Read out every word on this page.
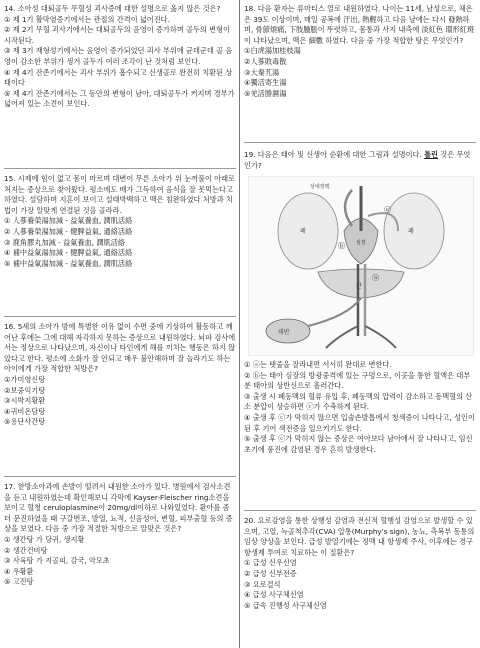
14. 소아성 대퇴골두 무혈성 괴사증에 대한 설명으로 옳지 않은 것은?

① 제 1기 활막염증기에서는 관절의 간격이 넓어진다.

② 제 2기 무혈 괴사기에서는 대퇴골두의 음영이 증가하며 골두의 변형이 시작된다.

③ 제 3기 재형성기에서는 음영이 증가되었던 괴사 부위에 균데군데 골 음영이 감소한 부위가 생겨 골두가 여러 조각이 난 것처럼 보인다.

④ 제 4기 잔존기에서는 괴사 부위가 흡수되고 신생골로 완전히 치환된 상태이다

⑤ 제 4기 잔존기에서는 그 동안의 변형이 남아, 대퇴골두가 커지며 경부가 넓어져 있는 소견이 보인다.

15. 시제에 힘이 없고 몸이 마르며 대변이 무른 소아가 위 눈꺼풀이 아래로 처지는 증상으로 찾아왔다. 평소에도 배가 그득하여 음식을 잘 못먹는다고 하였다. 설담하며 지흔이 보이고 설태박백하고 맥은 침완하였다 처방과 치법이 가장 알맞게 연결된 것을 골라라.

① 人蔘養榮湯加減 - 益氣養血, 潤肌活絡

② 人蔘養榮湯加減 - 健脾益氣, 通絡活絡

③ 鹿角膠丸加減 - 益氣養血, 潤肌活絡

④ 補中益氣湯加減 - 健脾益氣, 通絡活絡

⑤ 補中益氣湯加減 - 益氣養血, 潤肌活絡

16. 5세의 소아가 밤에 특별한 이유 없이 수면 중에 기상하여 활동하고 깨어난 후에는 그에 대해 자각하지 못하는 증상으로 내원하였다. 뇌파 검사에서는 정상으로 나타났으며, 자신이나 타인에게 해를 끼치는 행동은 하지 않았다고 한다. 평소에 소화가 잘 안되고 매우 불안해하며 잘 놀라기도 하는 아이에게 가장 적합한 처방은?

①가미영신탕

②보중익기탕

③시박지황환

④귀비온담탕

⑤용단사간탕

17. 한방소아과에 손발이 떨려서 내원한 소아가 있다. 병원에서 검사소견을 듣고 내원하였는데 확인해보니 각막에 Kayser-Fleischer ring소견을 보이고 혈청 ceruloplasmine이 20mg/dl이하로 나와있었다. 환아를 좀 더 문진하였을 때 구갈번조, 발열, 뇨적, 신음성어, 변혈, 피부출혈 등의 증상을 보였다. 다음 중 가장 적절한 처방으로 알맞은 것은?

① 생간탕 가 당귀, 생지황

② 생간건비탕

③ 사육탕 가 지골피, 감국, 악모초

④ 우황환

⑤ 고진탕

18. 다음 환자는 류마티스 열로 내원하였다. 나이는 11세, 남성으로, 체온은 39도 이상이며, 매일 공복에 汗出, 熱輕하고 다음 날에는 다시 發熱하며, 骨節煩痛, 下肢腫脹이 뚜렷하고, 몸통과 사지 내측에 淡紅色 環形紅斑이 나타났으며, 맥은 細數 하였다. 다음 중 가장 적합한 탕은 무엇인가?

①白虎湯加桂枝湯

②人蔘敗毒散

③大秦艽湯

④獨活寄生湯

⑤羌活勝濕湯

19. 다음은 태아 및 신생아 순환에 대한 그림과 설명이다. 틀린 것은 무엇인가?

상대정맥
폐	폐
심장
간
태반
ⓒ
ⓑ
ⓐ

① ⓐ는 탯줄을 잘라내면 서서히 완대로 변한다.

② ⓑ는 태아 심장의 방광중격에 있는 구멍으로, 이곳을 통한 혈액은 대부분 태아의 상반신으로 흘러간다.

③ 출생 시 폐동맥의 혈류 유입 후, 폐동맥의 압력이 감소하고 동맥혈의 산소 분압이 상승하면 ⓒ가 수축하게 된다.

④ 출생 후 ⓒ가 막히지 않으면 입술손발톱에서 청색증이 나타나고, 성인이 된 후 기어 색전증을 일으키기도 한다.

⑤ 출생 후 ⓒ가 막히지 않는 증상은 여아보다 남아에서 잘 나타나고, 임신 초기에 풍진에 감염된 경우 흔히 발생한다.

20. 요로감염을 통한 상행성 감염과 전신적 혈행성 감염으로 발생할 수 있으며, 고열, 늑골척추각(CVA) 압통(Murphy's sign), 농뇨, 측복부 동통의 임상 양상을 보인다. 급성 발열기에는 정맥 내 항생제 주사, 이후에는 경구 항생제 투여로 치료하는 이 질환은?

① 급성 신우신염

② 급성 신부전증

③ 요로결석

④ 급성 사구체신염

⑤ 급속 진행성 사구체신염
